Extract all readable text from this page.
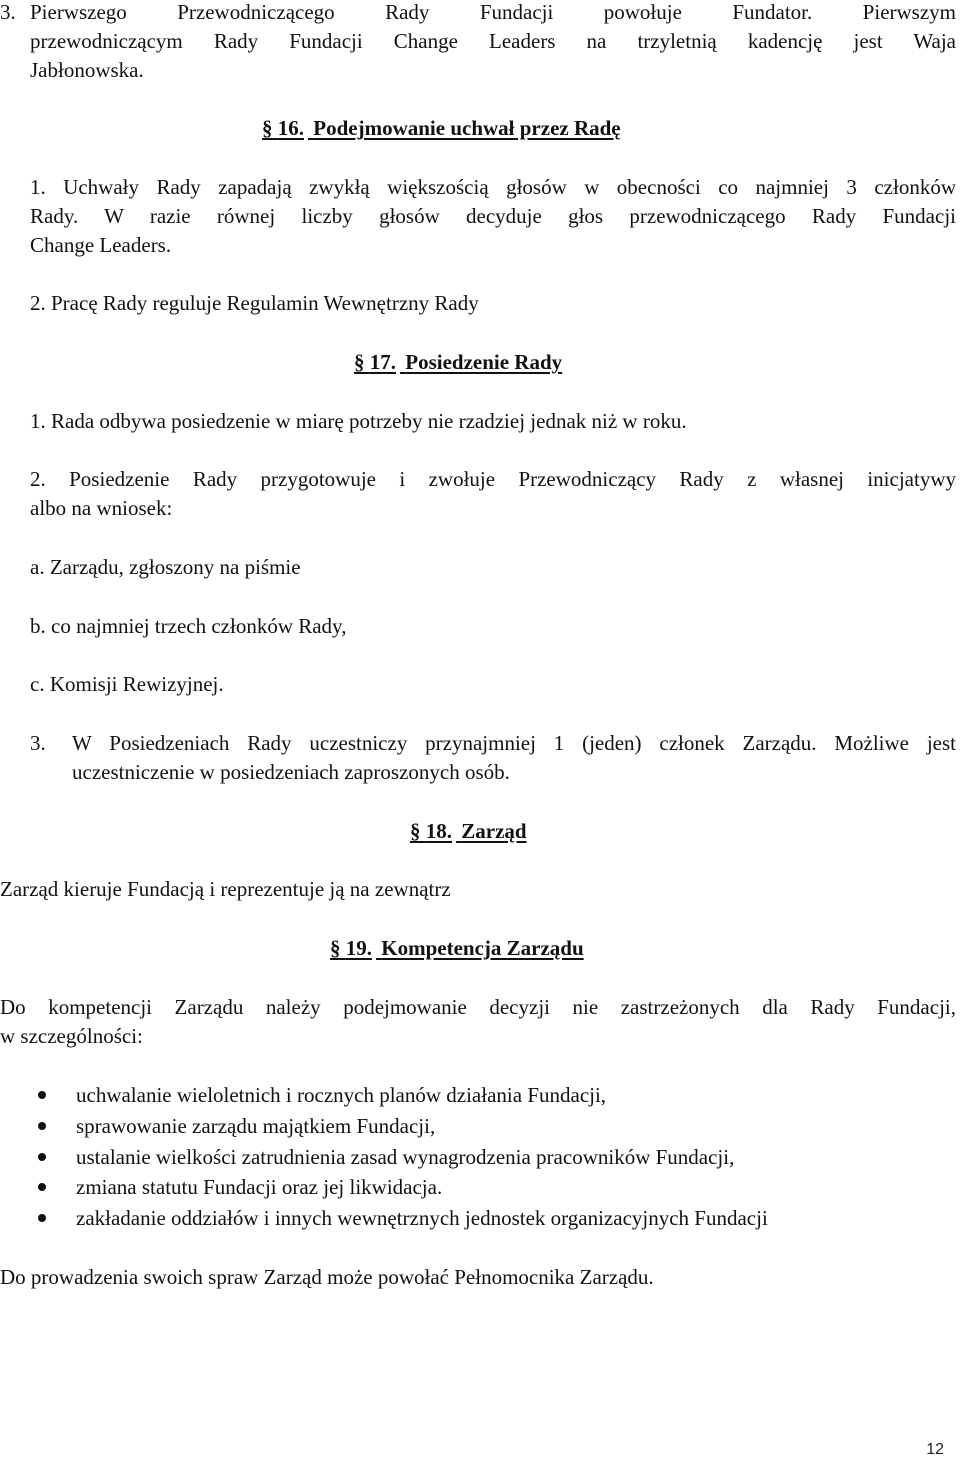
3. Pierwszego Przewodniczącego Rady Fundacji powołuje Fundator. Pierwszym
przewodniczącym Rady Fundacji Change Leaders na trzyletnią kadencję jest Waja
Jabłonowska.
§ 16. Podejmowanie uchwał przez Radę
1. Uchwały Rady zapadają zwykłą większością głosów w obecności co najmniej 3 członków
Rady. W razie równej liczby głosów decyduje głos przewodniczącego Rady Fundacji
Change Leaders.
2. Pracę Rady reguluje Regulamin Wewnętrzny Rady
§ 17. Posiedzenie Rady
1. Rada odbywa posiedzenie w miarę potrzeby nie rzadziej jednak niż w roku.
2. Posiedzenie Rady przygotowuje i zwołuje Przewodniczący Rady z własnej inicjatywy
albo na wniosek:
a. Zarządu, zgłoszony na piśmie
b. co najmniej trzech członków Rady,
c. Komisji Rewizyjnej.
3. W Posiedzeniach Rady uczestniczy przynajmniej 1 (jeden) członek Zarządu. Możliwe jest
uczestniczenie w posiedzeniach zaproszonych osób.
§ 18. Zarząd
Zarząd kieruje Fundacją i reprezentuje ją na zewnątrz
§ 19. Kompetencja Zarządu
Do kompetencji Zarządu należy podejmowanie decyzji nie zastrzeżonych dla Rady Fundacji,
w szczególności:
uchwalanie wieloletnich i rocznych planów działania Fundacji,
sprawowanie zarządu majątkiem Fundacji,
ustalanie wielkości zatrudnienia zasad wynagrodzenia pracowników Fundacji,
zmiana statutu Fundacji oraz jej likwidacja.
zakładanie oddziałów i innych wewnętrznych jednostek organizacyjnych Fundacji
Do prowadzenia swoich spraw Zarząd może powołać Pełnomocnika Zarządu.
12
